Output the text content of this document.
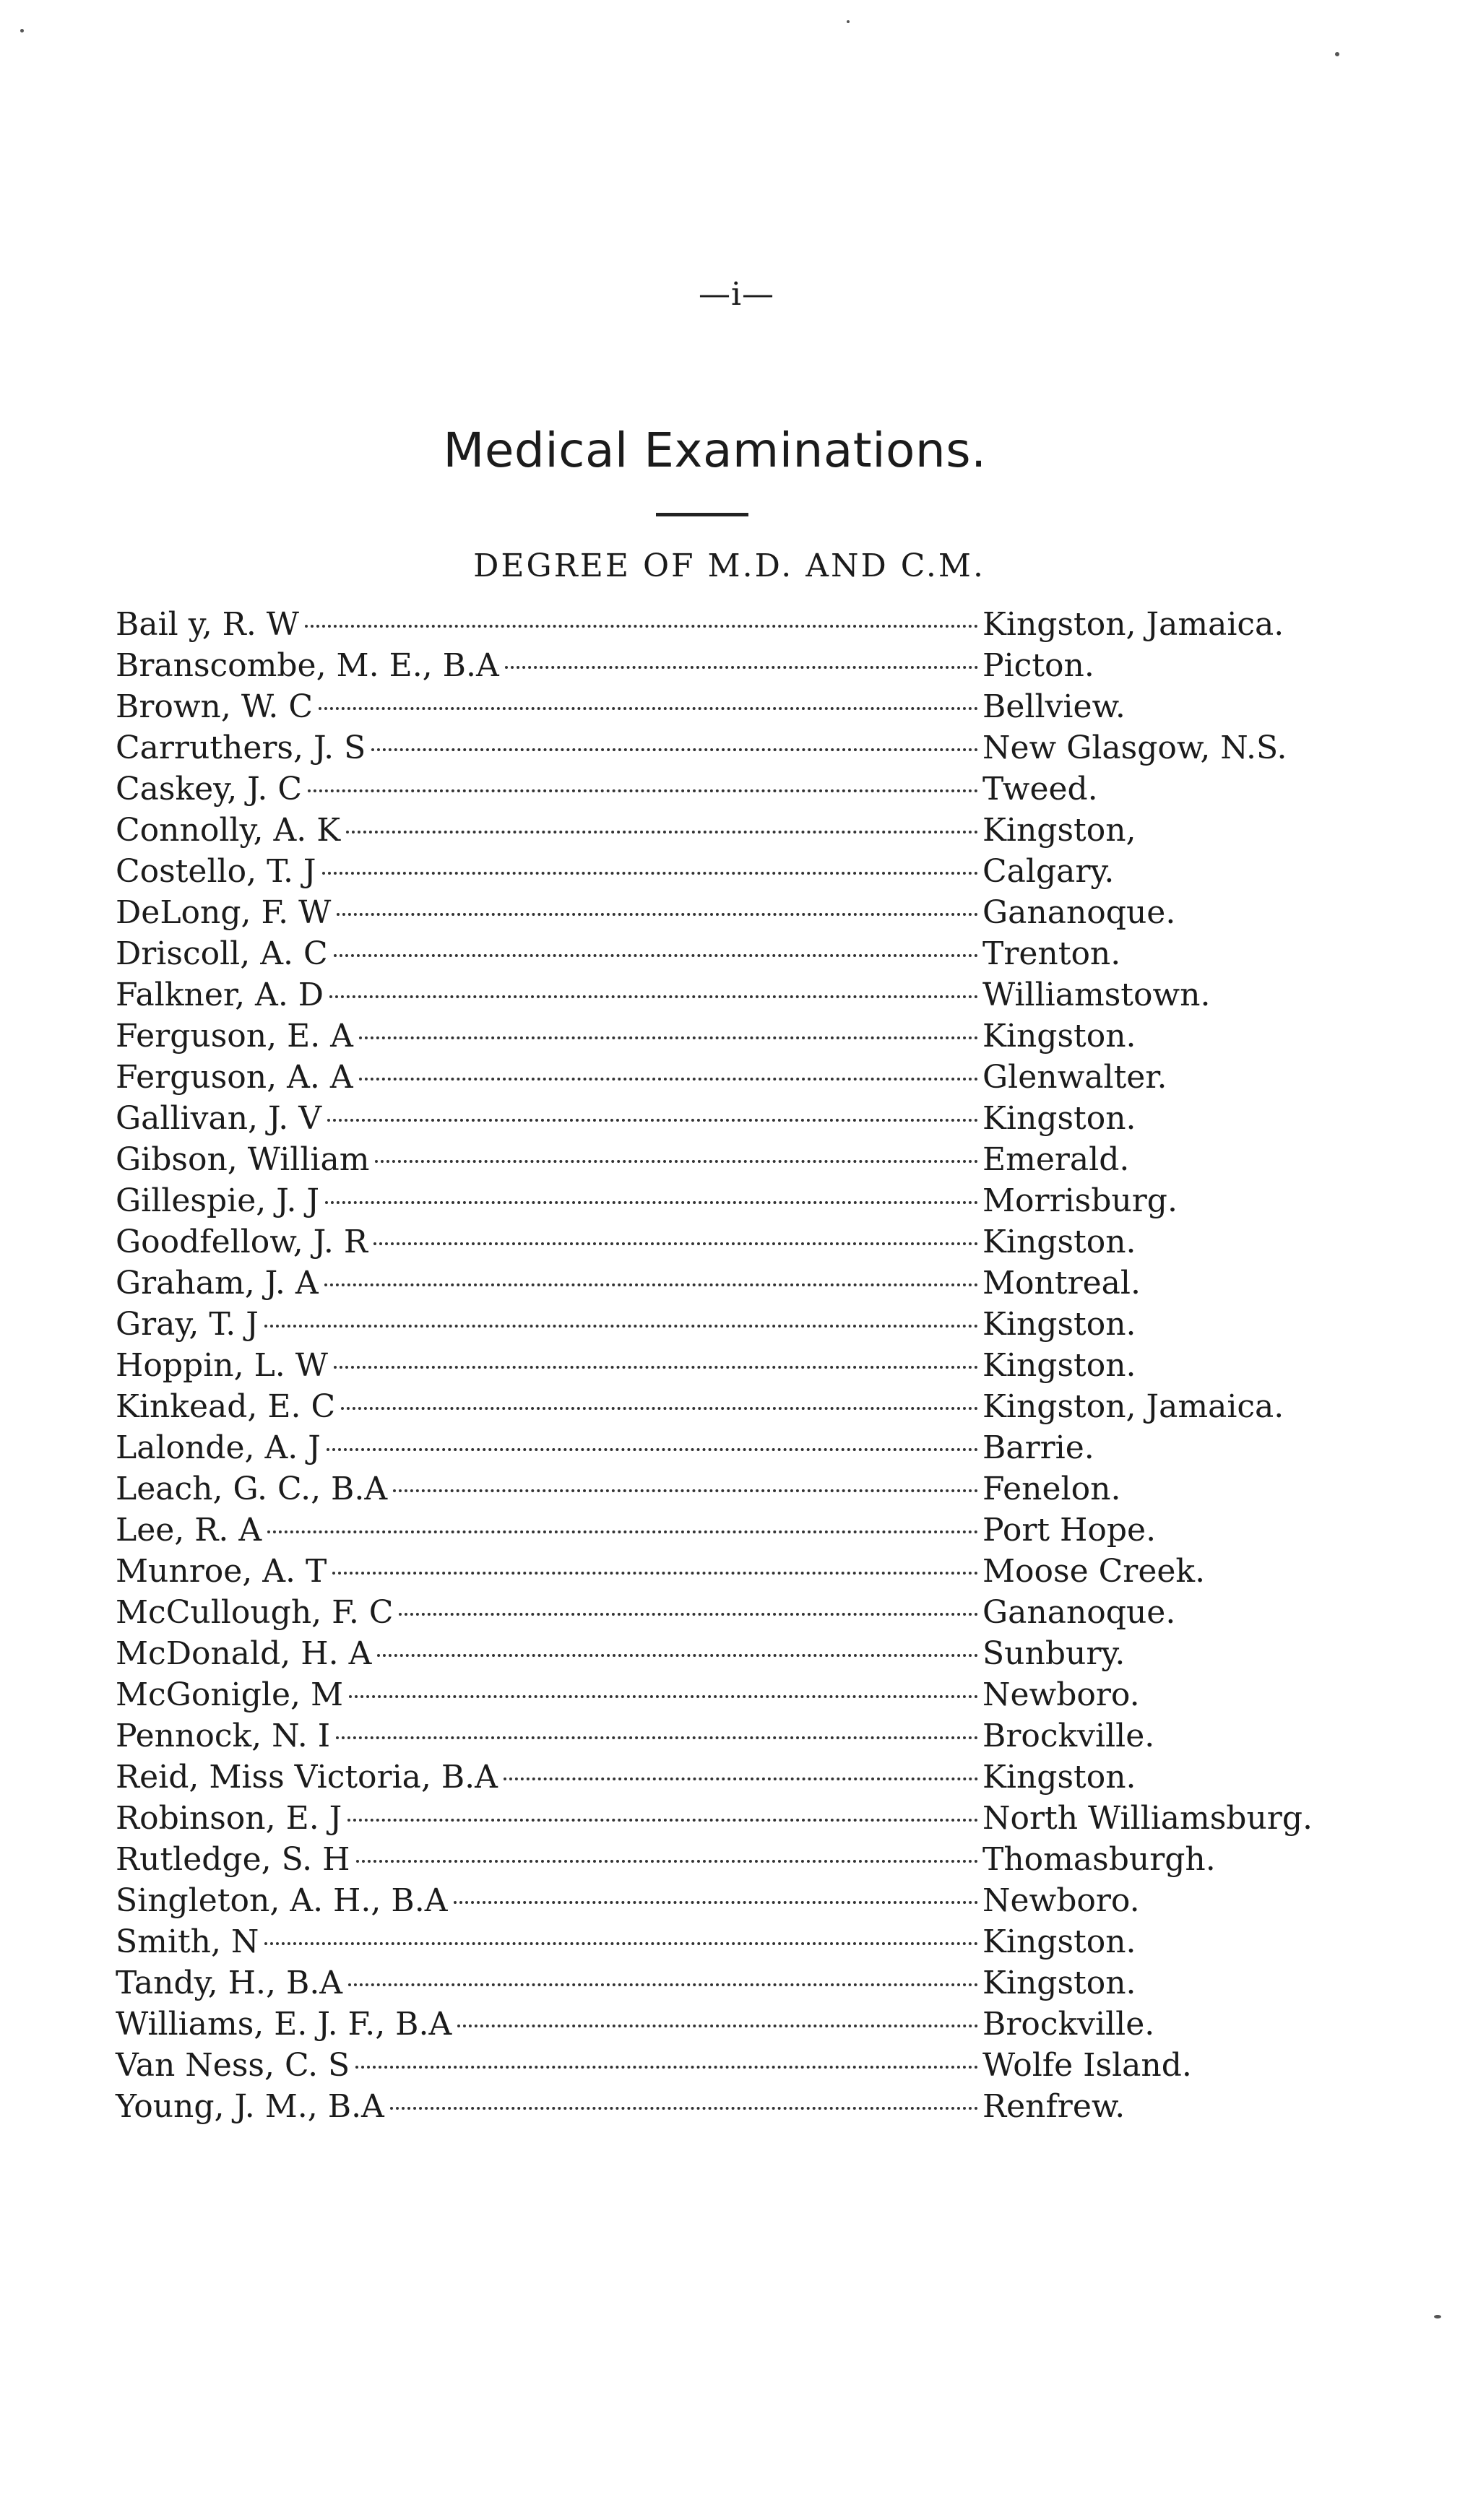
—i—
Medical Examinations.
DEGREE OF M.D. AND C.M.
Bail y, R. W	Kingston, Jamaica.
Branscombe, M. E., B.A	Picton.
Brown, W. C	Bellview.
Carruthers, J. S	New Glasgow, N.S.
Caskey, J. C	Tweed.
Connolly, A. K	Kingston,
Costello, T. J	Calgary.
DeLong, F. W	Gananoque.
Driscoll, A. C	Trenton.
Falkner, A. D	Williamstown.
Ferguson, E. A	Kingston.
Ferguson, A. A	Glenwalter.
Gallivan, J. V	Kingston.
Gibson, William	Emerald.
Gillespie, J. J	Morrisburg.
Goodfellow, J. R	Kingston.
Graham, J. A	Montreal.
Gray, T. J	Kingston.
Hoppin, L. W	Kingston.
Kinkead, E. C	Kingston, Jamaica.
Lalonde, A. J	Barrie.
Leach, G. C., B.A	Fenelon.
Lee, R. A	Port Hope.
Munroe, A. T	Moose Creek.
McCullough, F. C	Gananoque.
McDonald, H. A	Sunbury.
McGonigle, M	Newboro.
Pennock, N. I	Brockville.
Reid, Miss Victoria, B.A	Kingston.
Robinson, E. J	North Williamsburg.
Rutledge, S. H	Thomasburgh.
Singleton, A. H., B.A	Newboro.
Smith, N	Kingston.
Tandy, H., B.A	Kingston.
Williams, E. J. F., B.A	Brockville.
Van Ness, C. S	Wolfe Island.
Young, J. M., B.A	Renfrew.
